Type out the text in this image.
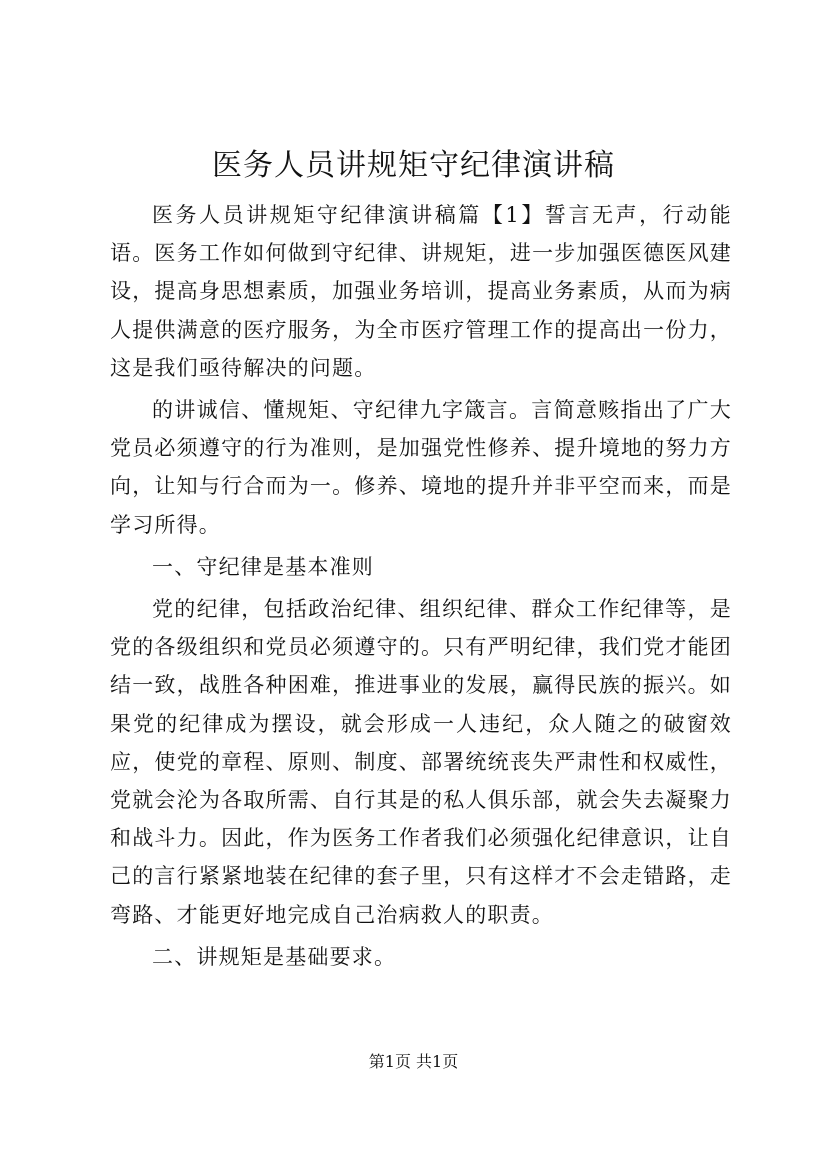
医务人员讲规矩守纪律演讲稿

医务人员讲规矩守纪律演讲稿篇【1】誓言无声，行动能语。医务工作如何做到守纪律、讲规矩，进一步加强医德医风建设，提高身思想素质，加强业务培训，提高业务素质，从而为病人提供满意的医疗服务，为全市医疗管理工作的提高出一份力，这是我们亟待解决的问题。

的讲诚信、懂规矩、守纪律九字箴言。言简意赅指出了广大党员必须遵守的行为准则，是加强党性修养、提升境地的努力方向，让知与行合而为一。修养、境地的提升并非平空而来，而是学习所得。

一、守纪律是基本准则

党的纪律，包括政治纪律、组织纪律、群众工作纪律等，是党的各级组织和党员必须遵守的。只有严明纪律，我们党才能团结一致，战胜各种困难，推进事业的发展，赢得民族的振兴。如果党的纪律成为摆设，就会形成一人违纪，众人随之的破窗效应，使党的章程、原则、制度、部署统统丧失严肃性和权威性，党就会沦为各取所需、自行其是的私人俱乐部，就会失去凝聚力和战斗力。因此，作为医务工作者我们必须强化纪律意识，让自己的言行紧紧地装在纪律的套子里，只有这样才不会走错路，走弯路、才能更好地完成自己治病救人的职责。

二、讲规矩是基础要求。

第1页 共1页
